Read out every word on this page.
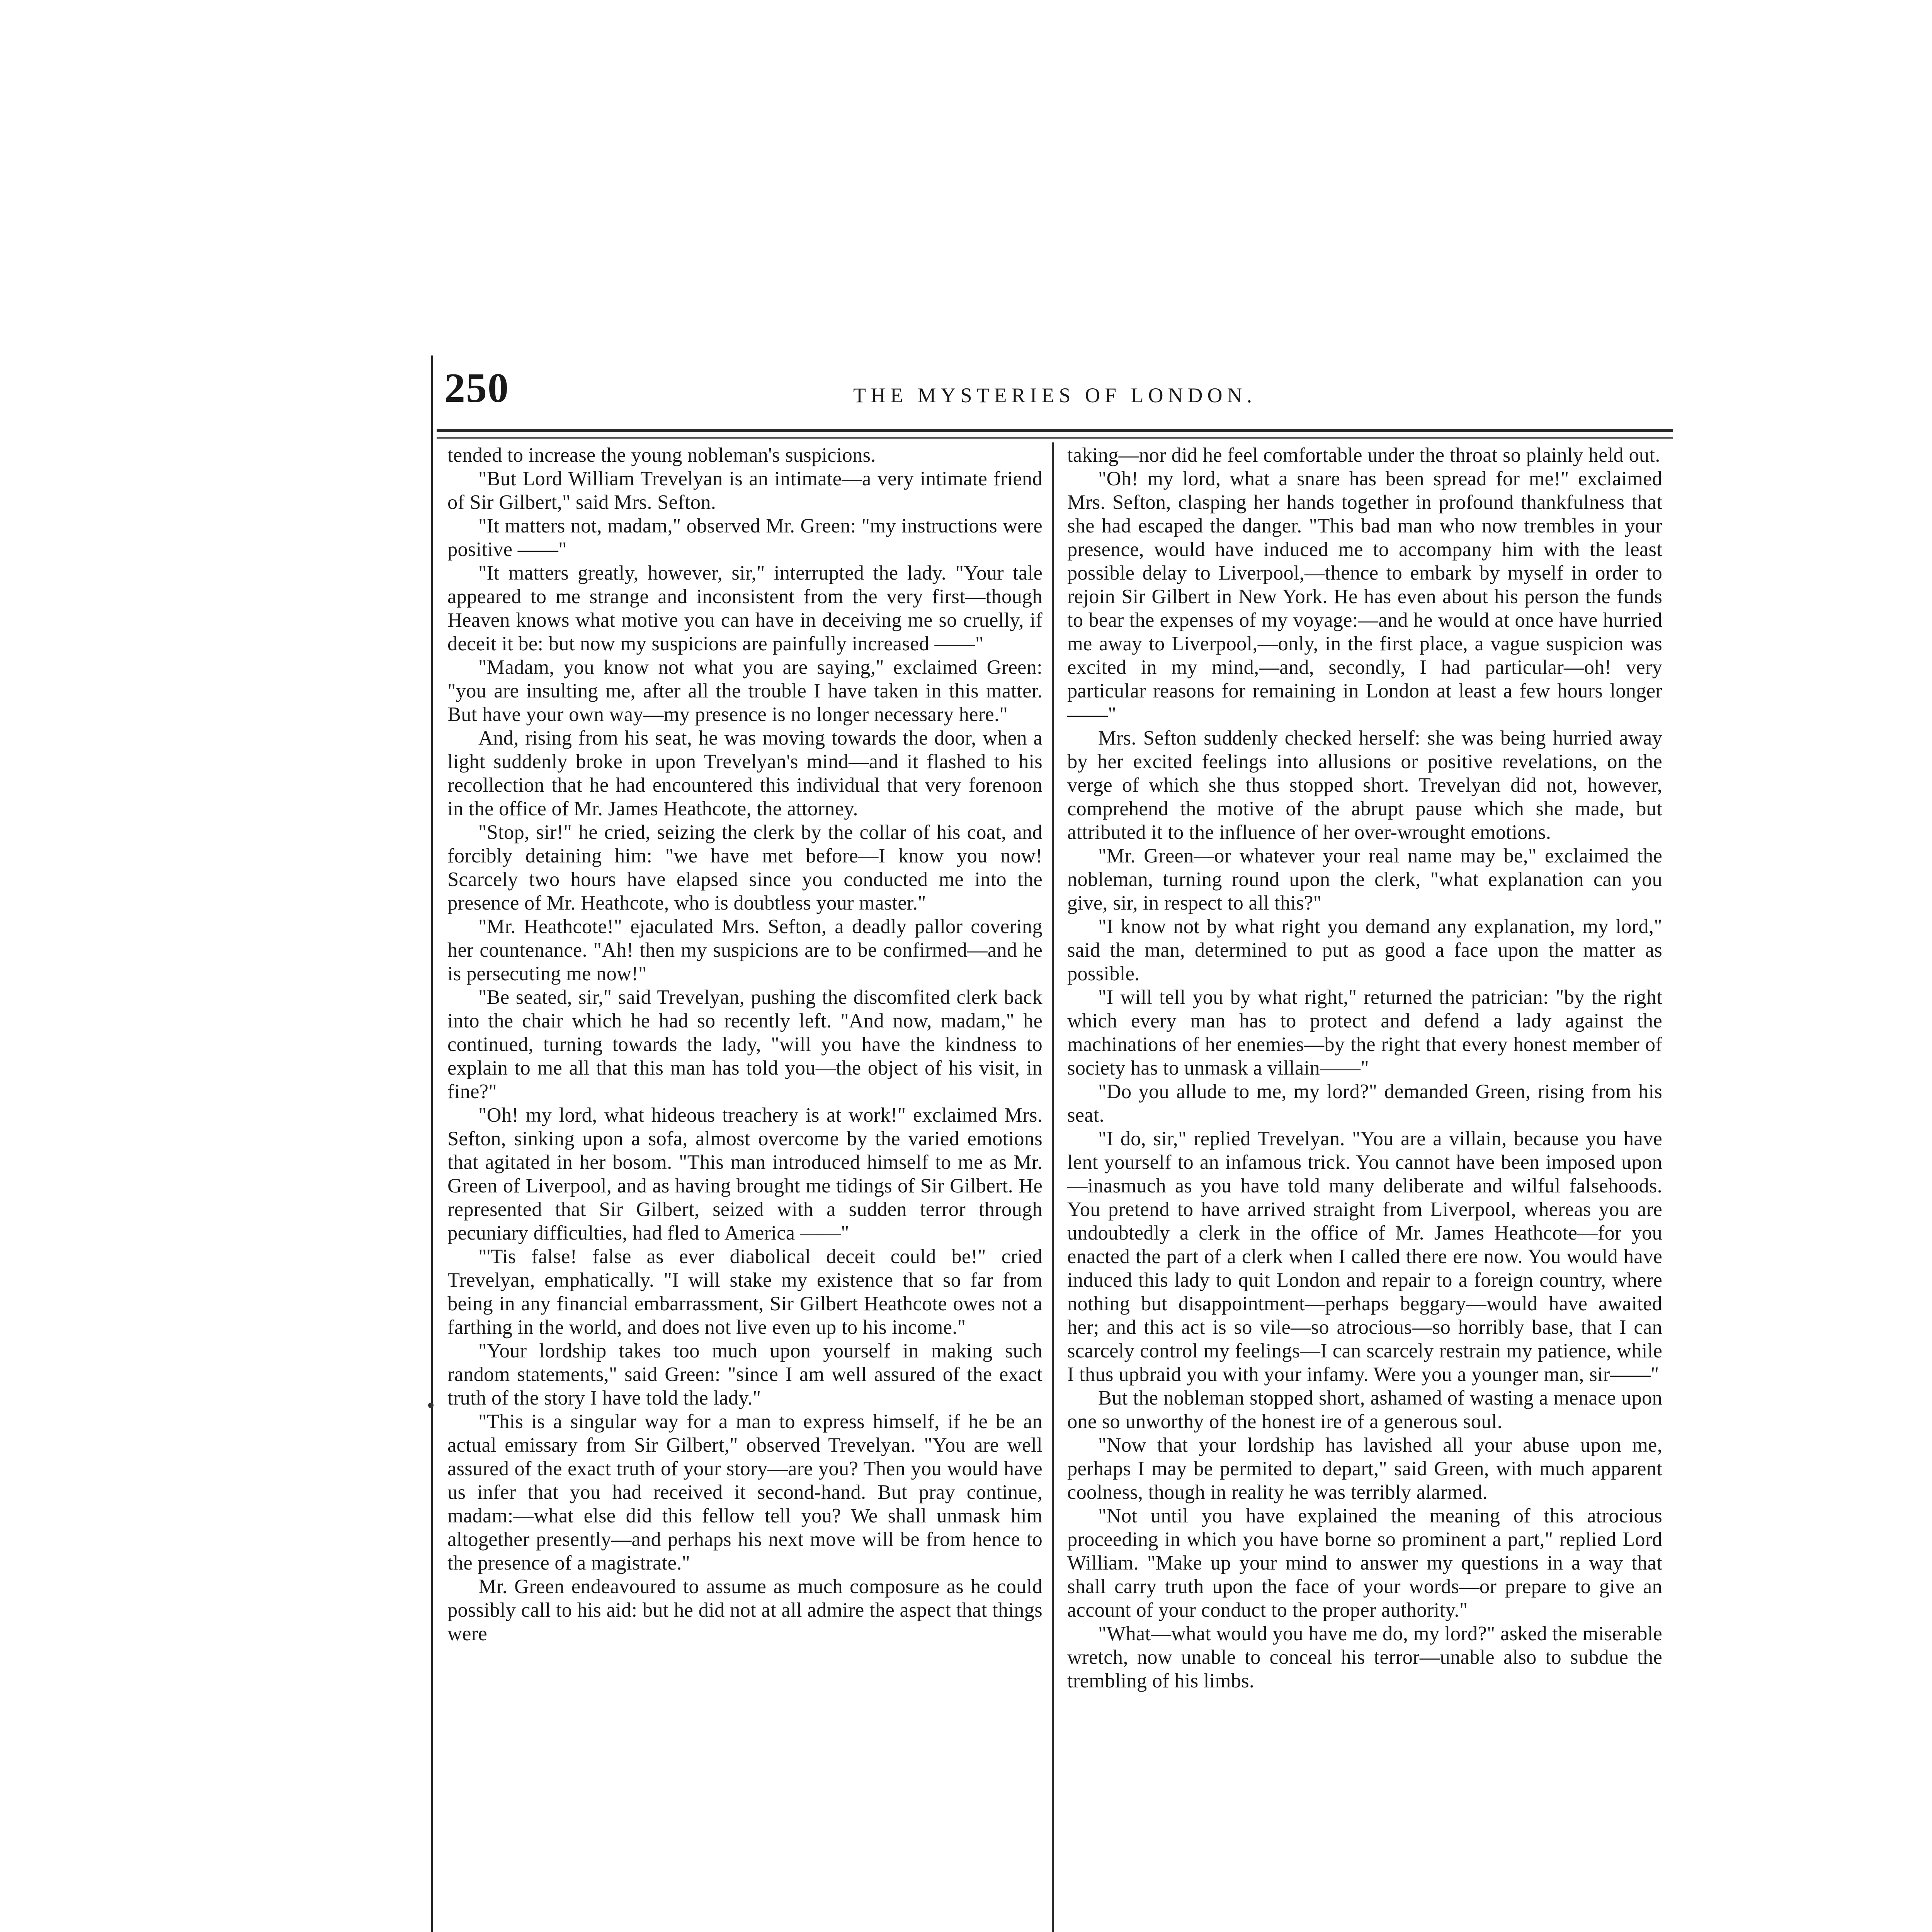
250	THE MYSTERIES OF LONDON.

tended to increase the young nobleman's suspicions.

"But Lord William Trevelyan is an intimate—a very intimate friend of Sir Gilbert," said Mrs. Sefton.

"It matters not, madam," observed Mr. Green: "my instructions were positive ——"

"It matters greatly, however, sir," interrupted the lady. "Your tale appeared to me strange and inconsistent from the very first—though Heaven knows what motive you can have in deceiving me so cruelly, if deceit it be: but now my suspicions are painfully increased ——"

"Madam, you know not what you are saying," exclaimed Green: "you are insulting me, after all the trouble I have taken in this matter. But have your own way—my presence is no longer necessary here."

And, rising from his seat, he was moving towards the door, when a light suddenly broke in upon Trevelyan's mind—and it flashed to his recollection that he had encountered this individual that very forenoon in the office of Mr. James Heathcote, the attorney.

"Stop, sir!" he cried, seizing the clerk by the collar of his coat, and forcibly detaining him: "we have met before—I know you now! Scarcely two hours have elapsed since you conducted me into the presence of Mr. Heathcote, who is doubtless your master."

"Mr. Heathcote!" ejaculated Mrs. Sefton, a deadly pallor covering her countenance. "Ah! then my suspicions are to be confirmed—and he is persecuting me now!"

"Be seated, sir," said Trevelyan, pushing the discomfited clerk back into the chair which he had so recently left. "And now, madam," he continued, turning towards the lady, "will you have the kindness to explain to me all that this man has told you—the object of his visit, in fine?"

"Oh! my lord, what hideous treachery is at work!" exclaimed Mrs. Sefton, sinking upon a sofa, almost overcome by the varied emotions that agitated in her bosom. "This man introduced himself to me as Mr. Green of Liverpool, and as having brought me tidings of Sir Gilbert. He represented that Sir Gilbert, seized with a sudden terror through pecuniary difficulties, had fled to America ——"

"'Tis false! false as ever diabolical deceit could be!" cried Trevelyan, emphatically. "I will stake my existence that so far from being in any financial embarrassment, Sir Gilbert Heathcote owes not a farthing in the world, and does not live even up to his income."

"Your lordship takes too much upon yourself in making such random statements," said Green: "since I am well assured of the exact truth of the story I have told the lady."

"This is a singular way for a man to express himself, if he be an actual emissary from Sir Gilbert," observed Trevelyan. "You are well assured of the exact truth of your story—are you? Then you would have us infer that you had received it second-hand. But pray continue, madam:—what else did this fellow tell you? We shall unmask him altogether presently—and perhaps his next move will be from hence to the presence of a magistrate."

Mr. Green endeavoured to assume as much composure as he could possibly call to his aid: but he did not at all admire the aspect that things were

taking—nor did he feel comfortable under the throat so plainly held out.

"Oh! my lord, what a snare has been spread for me!" exclaimed Mrs. Sefton, clasping her hands together in profound thankfulness that she had escaped the danger. "This bad man who now trembles in your presence, would have induced me to accompany him with the least possible delay to Liverpool,—thence to embark by myself in order to rejoin Sir Gilbert in New York. He has even about his person the funds to bear the expenses of my voyage:—and he would at once have hurried me away to Liverpool,—only, in the first place, a vague suspicion was excited in my mind,—and, secondly, I had particular—oh! very particular reasons for remaining in London at least a few hours longer——"

Mrs. Sefton suddenly checked herself: she was being hurried away by her excited feelings into allusions or positive revelations, on the verge of which she thus stopped short. Trevelyan did not, however, comprehend the motive of the abrupt pause which she made, but attributed it to the influence of her over-wrought emotions.

"Mr. Green—or whatever your real name may be," exclaimed the nobleman, turning round upon the clerk, "what explanation can you give, sir, in respect to all this?"

"I know not by what right you demand any explanation, my lord," said the man, determined to put as good a face upon the matter as possible.

"I will tell you by what right," returned the patrician: "by the right which every man has to protect and defend a lady against the machinations of her enemies—by the right that every honest member of society has to unmask a villain——"

"Do you allude to me, my lord?" demanded Green, rising from his seat.

"I do, sir," replied Trevelyan. "You are a villain, because you have lent yourself to an infamous trick. You cannot have been imposed upon—inasmuch as you have told many deliberate and wilful falsehoods. You pretend to have arrived straight from Liverpool, whereas you are undoubtedly a clerk in the office of Mr. James Heathcote—for you enacted the part of a clerk when I called there ere now. You would have induced this lady to quit London and repair to a foreign country, where nothing but disappointment—perhaps beggary—would have awaited her; and this act is so vile—so atrocious—so horribly base, that I can scarcely control my feelings—I can scarcely restrain my patience, while I thus upbraid you with your infamy. Were you a younger man, sir——"

But the nobleman stopped short, ashamed of wasting a menace upon one so unworthy of the honest ire of a generous soul.

"Now that your lordship has lavished all your abuse upon me, perhaps I may be permited to depart," said Green, with much apparent coolness, though in reality he was terribly alarmed.

"Not until you have explained the meaning of this atrocious proceeding in which you have borne so prominent a part," replied Lord William. "Make up your mind to answer my questions in a way that shall carry truth upon the face of your words—or prepare to give an account of your conduct to the proper authority."

"What—what would you have me do, my lord?" asked the miserable wretch, now unable to conceal his terror—unable also to subdue the trembling of his limbs.
